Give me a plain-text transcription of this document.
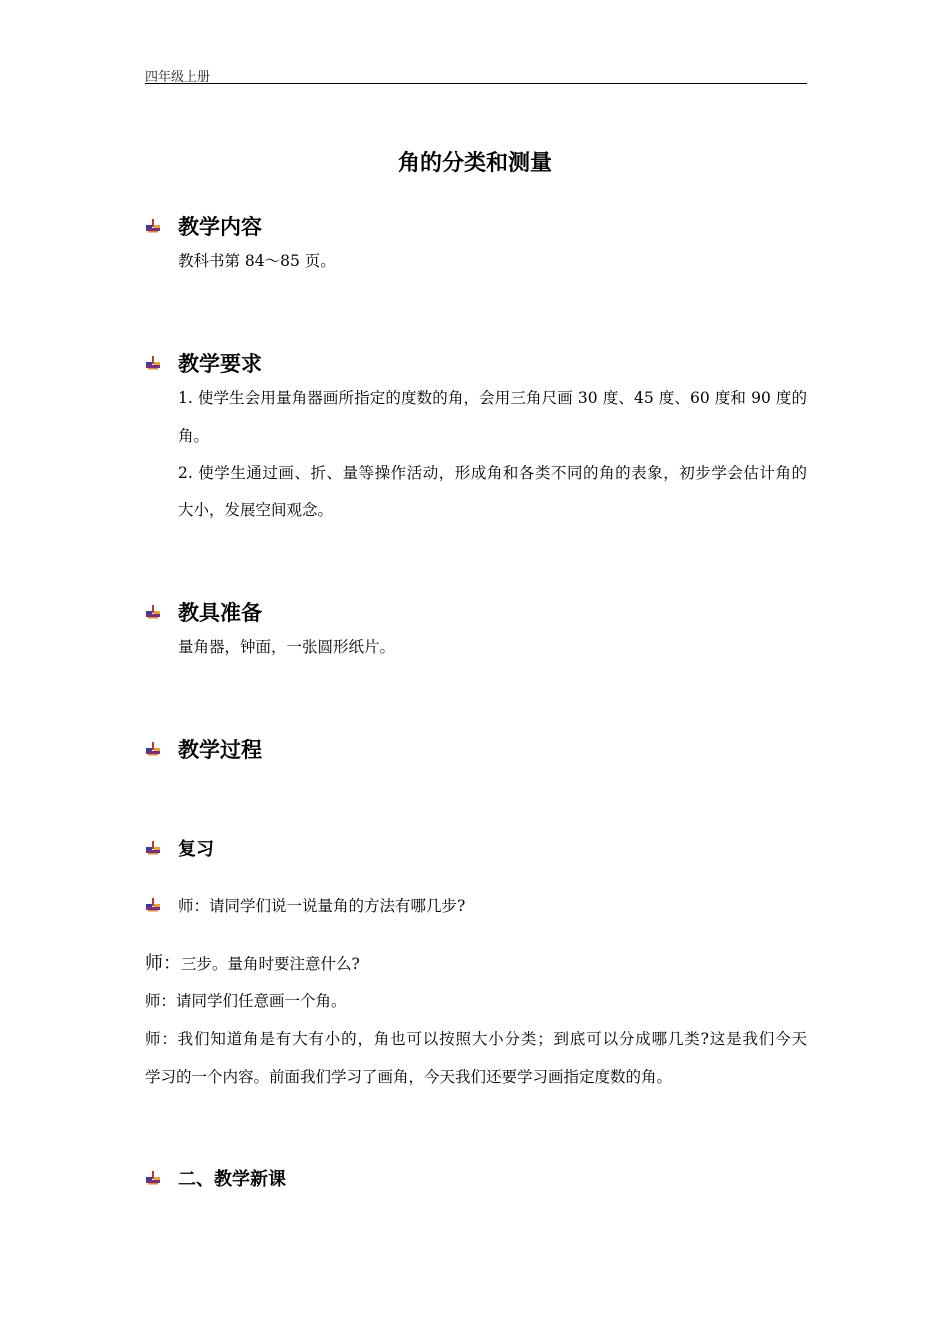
四年级上册
角的分类和测量
教学内容
教科书第 84～85 页。
教学要求
1. 使学生会用量角器画所指定的度数的角，会用三角尺画 30 度、45 度、60 度和 90 度的
角。
2. 使学生通过画、折、量等操作活动，形成角和各类不同的角的表象，初步学会估计角的
大小，发展空间观念。
教具准备
量角器，钟面，一张圆形纸片。
教学过程
复习
师：请同学们说一说量角的方法有哪几步?
师：三步。量角时要注意什么?
师：请同学们任意画一个角。
师：我们知道角是有大有小的，角也可以按照大小分类；到底可以分成哪几类?这是我们今天
学习的一个内容。前面我们学习了画角，今天我们还要学习画指定度数的角。
二、教学新课
